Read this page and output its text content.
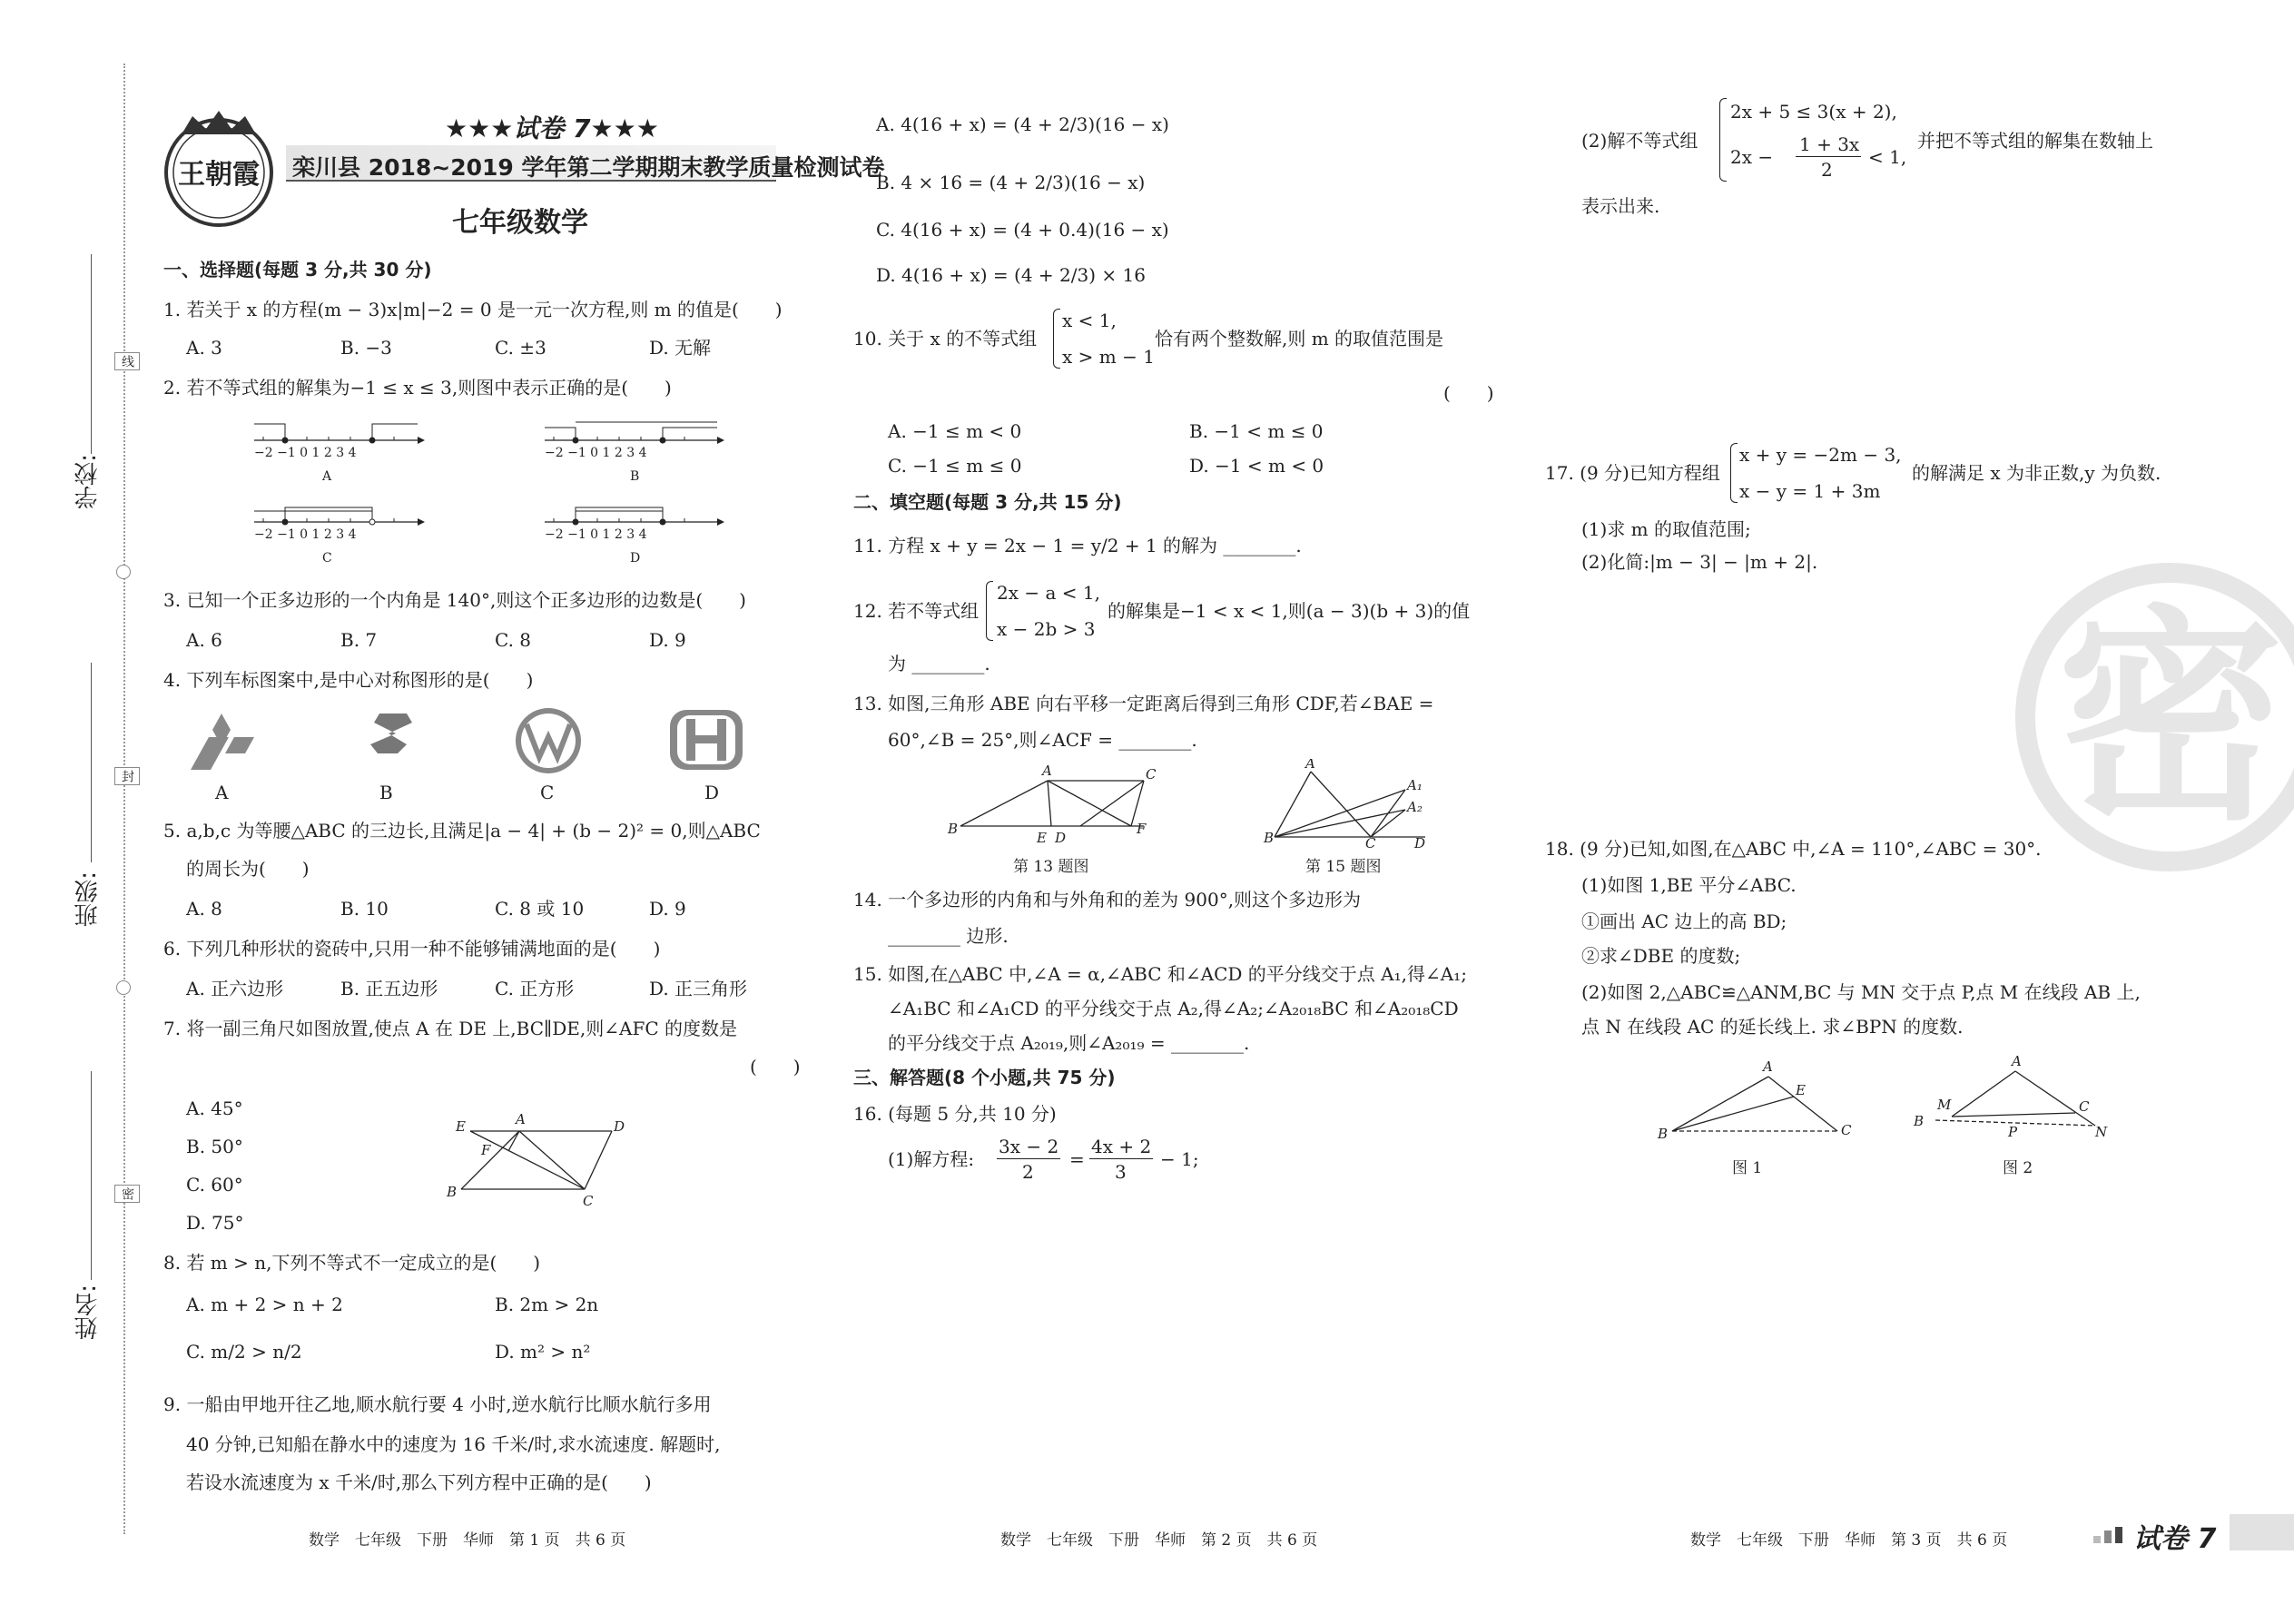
学校:
班级:
姓名:
线
封
密
王朝霞
★★★试卷 7★★★
栾川县 2018~2019 学年第二学期期末教学质量检测试卷
七年级数学
一、选择题(每题 3 分,共 30 分)
1. 若关于 x 的方程(m − 3)x|m|−2 = 0 是一元一次方程,则 m 的值是(　　)
A. 3	B. −3	C. ±3	D. 无解
2. 若不等式组的解集为−1 ≤ x ≤ 3,则图中表示正确的是(　　)
−2 −1 0 1 2 3 4
A
−2 −1 0 1 2 3 4
B
−2 −1 0 1 2 3 4
C
−2 −1 0 1 2 3 4
D
3. 已知一个正多边形的一个内角是 140°,则这个正多边形的边数是(　　)
A. 6	B. 7	C. 8	D. 9
4. 下列车标图案中,是中心对称图形的是(　　)
A	B	C	D
5. a,b,c 为等腰△ABC 的三边长,且满足|a − 4| + (b − 2)² = 0,则△ABC
的周长为(　　)
A. 8	B. 10	C. 8 或 10	D. 9
6. 下列几种形状的瓷砖中,只用一种不能够铺满地面的是(　　)
A. 正六边形	B. 正五边形	C. 正方形	D. 正三角形
7. 将一副三角尺如图放置,使点 A 在 DE 上,BC∥DE,则∠AFC 的度数是
(　　)
A. 45°
B. 50°
C. 60°
D. 75°
E	A	D
F
B
C
8. 若 m > n,下列不等式不一定成立的是(　　)
A. m + 2 > n + 2	B. 2m > 2n
C. m/2 > n/2	D. m² > n²
9. 一船由甲地开往乙地,顺水航行要 4 小时,逆水航行比顺水航行多用
40 分钟,已知船在静水中的速度为 16 千米/时,求水流速度. 解题时,
若设水流速度为 x 千米/时,那么下列方程中正确的是(　　)
数学　七年级　下册　华师　第 1 页　共 6 页
A. 4(16 + x) = (4 + 2/3)(16 − x)
B. 4 × 16 = (4 + 2/3)(16 − x)
C. 4(16 + x) = (4 + 0.4)(16 − x)
D. 4(16 + x) = (4 + 2/3) × 16
10. 关于 x 的不等式组
x < 1,
x > m − 1
恰有两个整数解,则 m 的取值范围是
(　　)
A. −1 ≤ m < 0	B. −1 < m ≤ 0
C. −1 ≤ m ≤ 0	D. −1 < m < 0
二、填空题(每题 3 分,共 15 分)
11. 方程 x + y = 2x − 1 = y/2 + 1 的解为 ________.
12. 若不等式组
2x − a < 1,
x − 2b > 3
的解集是−1 < x < 1,则(a − 3)(b + 3)的值
为 ________.
13. 如图,三角形 ABE 向右平移一定距离后得到三角形 CDF,若∠BAE =
60°,∠B = 25°,则∠ACF = ________.
A	C
B
E D
F
第 13 题图
A
A₁
A₂
B	C	D
第 15 题图
14. 一个多边形的内角和与外角和的差为 900°,则这个多边形为
________ 边形.
15. 如图,在△ABC 中,∠A = α,∠ABC 和∠ACD 的平分线交于点 A₁,得∠A₁;
∠A₁BC 和∠A₁CD 的平分线交于点 A₂,得∠A₂;∠A₂₀₁₈BC 和∠A₂₀₁₈CD
的平分线交于点 A₂₀₁₉,则∠A₂₀₁₉ = ________.
三、解答题(8 个小题,共 75 分)
16. (每题 5 分,共 10 分)
(1)解方程:
3x − 2
2
=
4x + 2
3
− 1;
数学　七年级　下册　华师　第 2 页　共 6 页
(2)解不等式组
2x + 5 ≤ 3(x + 2),
2x −
1 + 3x
2
< 1,
并把不等式组的解集在数轴上
表示出来.
17. (9 分)已知方程组
x + y = −2m − 3,
x − y = 1 + 3m
的解满足 x 为非正数,y 为负数.
(1)求 m 的取值范围;
(2)化简:|m − 3| − |m + 2|.
密
18. (9 分)已知,如图,在△ABC 中,∠A = 110°,∠ABC = 30°.
(1)如图 1,BE 平分∠ABC.
①画出 AC 边上的高 BD;
②求∠DBE 的度数;
(2)如图 2,△ABC≌△ANM,BC 与 MN 交于点 P,点 M 在线段 AB 上,
点 N 在线段 AC 的延长线上. 求∠BPN 的度数.
A
E
B	C
A
M
B
C
N
P
图 1	图 2
数学　七年级　下册　华师　第 3 页　共 6 页	试卷 7
